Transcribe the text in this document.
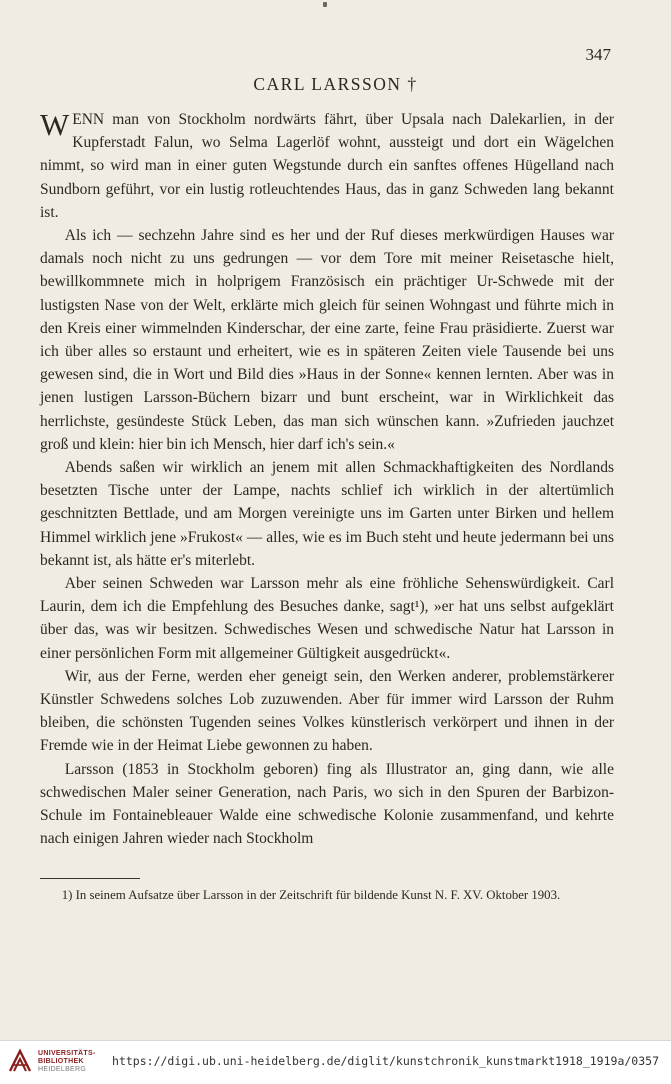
347
CARL LARSSON †

WENN man von Stockholm nordwärts fährt, über Upsala nach Dalekarlien, in der Kupferstadt Falun, wo Selma Lagerlöf wohnt, aussteigt und dort ein Wägelchen nimmt, so wird man in einer guten Wegstunde durch ein sanftes offenes Hügelland nach Sundborn geführt, vor ein lustig rotleuchtendes Haus, das in ganz Schweden lang bekannt ist.

Als ich — sechzehn Jahre sind es her und der Ruf dieses merkwürdigen Hauses war damals noch nicht zu uns gedrungen — vor dem Tore mit meiner Reisetasche hielt, bewillkommnete mich in holprigem Französisch ein prächtiger Ur-Schwede mit der lustigsten Nase von der Welt, erklärte mich gleich für seinen Wohngast und führte mich in den Kreis einer wimmelnden Kinderschar, der eine zarte, feine Frau präsidierte. Zuerst war ich über alles so erstaunt und erheitert, wie es in späteren Zeiten viele Tausende bei uns gewesen sind, die in Wort und Bild dies »Haus in der Sonne« kennen lernten. Aber was in jenen lustigen Larsson-Büchern bizarr und bunt erscheint, war in Wirklichkeit das herrlichste, gesündeste Stück Leben, das man sich wünschen kann. »Zufrieden jauchzet groß und klein: hier bin ich Mensch, hier darf ich's sein.«

Abends saßen wir wirklich an jenem mit allen Schmackhaftigkeiten des Nordlands besetzten Tische unter der Lampe, nachts schlief ich wirklich in der altertümlich geschnitzten Bettlade, und am Morgen vereinigte uns im Garten unter Birken und hellem Himmel wirklich jene »Frukost« — alles, wie es im Buch steht und heute jedermann bei uns bekannt ist, als hätte er's miterlebt.

Aber seinen Schweden war Larsson mehr als eine fröhliche Sehenswürdigkeit. Carl Laurin, dem ich die Empfehlung des Besuches danke, sagt¹), »er hat uns selbst aufgeklärt über das, was wir besitzen. Schwedisches Wesen und schwedische Natur hat Larsson in einer persönlichen Form mit allgemeiner Gültigkeit ausgedrückt«.

Wir, aus der Ferne, werden eher geneigt sein, den Werken anderer, problemstärkerer Künstler Schwedens solches Lob zuzuwenden. Aber für immer wird Larsson der Ruhm bleiben, die schönsten Tugenden seines Volkes künstlerisch verkörpert und ihnen in der Fremde wie in der Heimat Liebe gewonnen zu haben.

Larsson (1853 in Stockholm geboren) fing als Illustrator an, ging dann, wie alle schwedischen Maler seiner Generation, nach Paris, wo sich in den Spuren der Barbizon-Schule im Fontainebleauer Walde eine schwedische Kolonie zusammenfand, und kehrte nach einigen Jahren wieder nach Stockholm

1) In seinem Aufsatze über Larsson in der Zeitschrift für bildende Kunst N. F. XV. Oktober 1903.
UNIVERSITÄTS-
BIBLIOTHEK
HEIDELBERG
https://digi.ub.uni-heidelberg.de/diglit/kunstchronik_kunstmarkt1918_1919a/0357
